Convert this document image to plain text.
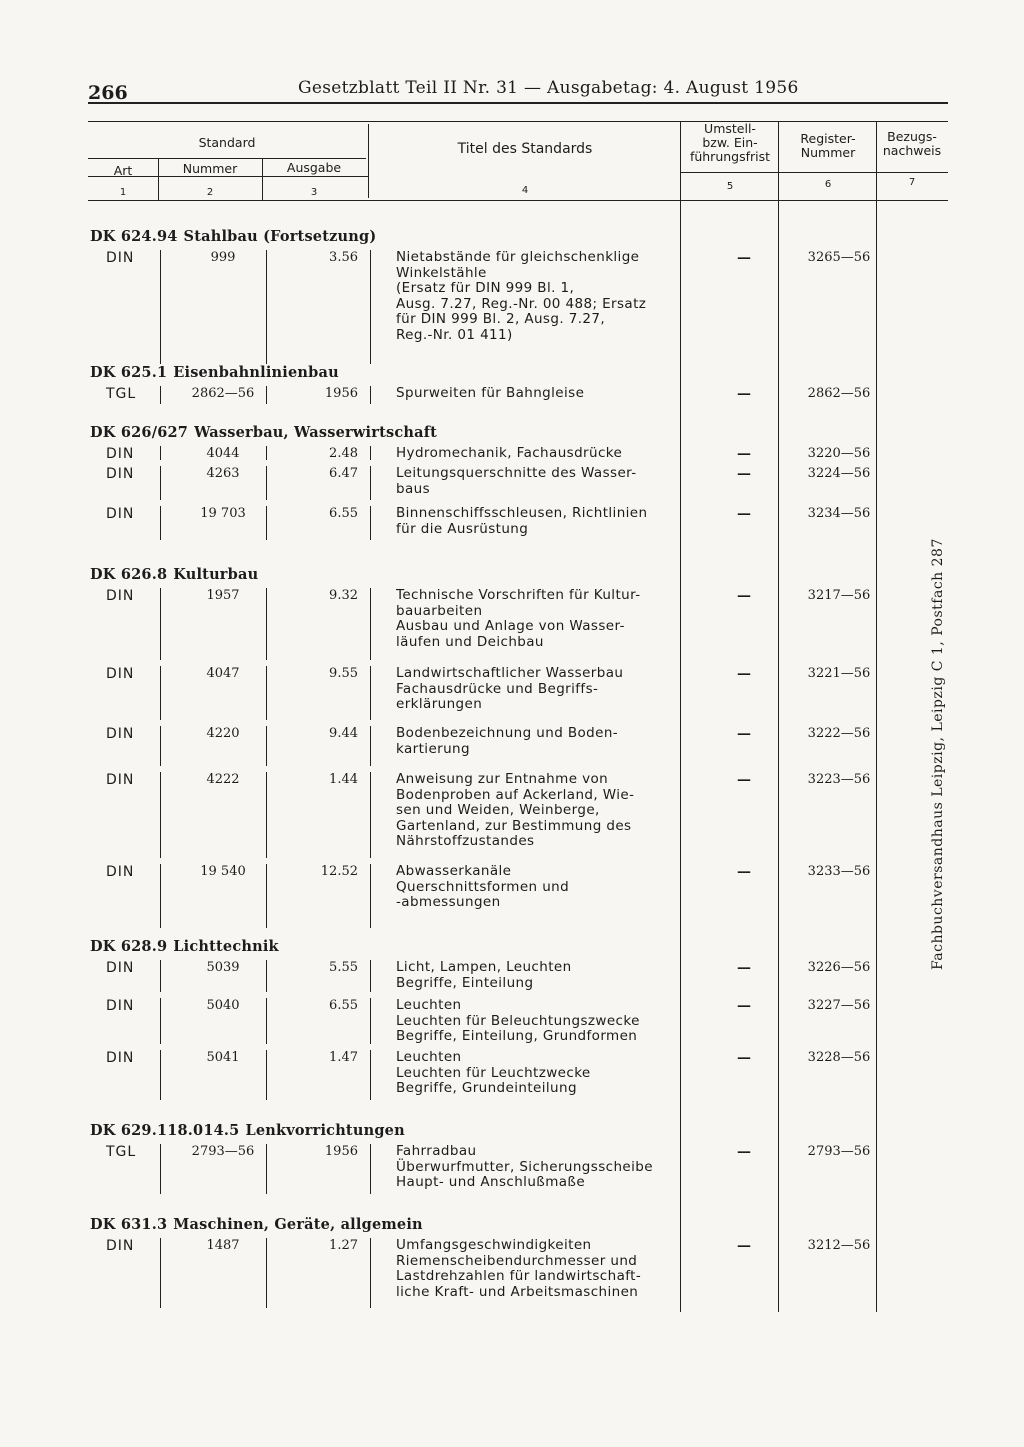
266	Gesetzblatt Teil II Nr. 31 — Ausgabetag: 4. August 1956
Standard
Art	Nummer	Ausgabe
Titel des Standards
Umstell-
bzw. Ein-
führungsfrist
Register-
Nummer
Bezugs-
nachweis
1	2	3	4	5	6	7
DK 624.94 Stahlbau (Fortsetzung)
DIN	999	3.56	Nietabstände für gleichschenklige
Winkelstähle
(Ersatz für DIN 999 Bl. 1,
Ausg. 7.27, Reg.-Nr. 00 488; Ersatz
für DIN 999 Bl. 2, Ausg. 7.27,
Reg.-Nr. 01 411)
—	3265—56
DK 625.1 Eisenbahnlinienbau
TGL	2862—56	1956	Spurweiten für Bahngleise	—	2862—56
DK 626/627 Wasserbau, Wasserwirtschaft
DIN	4044	2.48	Hydromechanik, Fachausdrücke	—	3220—56
DIN	4263	6.47	Leitungsquerschnitte des Wasser-
baus
—	3224—56
DIN	19 703	6.55	Binnenschiffsschleusen, Richtlinien
für die Ausrüstung
—	3234—56
DK 626.8 Kulturbau
DIN	1957	9.32	Technische Vorschriften für Kultur-
bauarbeiten
Ausbau und Anlage von Wasser-
läufen und Deichbau
—	3217—56
DIN	4047	9.55	Landwirtschaftlicher Wasserbau
Fachausdrücke und Begriffs-
erklärungen
—	3221—56
DIN	4220	9.44	Bodenbezeichnung und Boden-
kartierung
—	3222—56
DIN	4222	1.44	Anweisung zur Entnahme von
Bodenproben auf Ackerland, Wie-
sen und Weiden, Weinberge,
Gartenland, zur Bestimmung des
Nährstoffzustandes
—	3223—56
DIN	19 540	12.52	Abwasserkanäle
Querschnittsformen und
-abmessungen
—	3233—56
DK 628.9 Lichttechnik
DIN	5039	5.55	Licht, Lampen, Leuchten
Begriffe, Einteilung
—	3226—56
DIN	5040	6.55	Leuchten
Leuchten für Beleuchtungszwecke
Begriffe, Einteilung, Grundformen
—	3227—56
DIN	5041	1.47	Leuchten
Leuchten für Leuchtzwecke
Begriffe, Grundeinteilung
—	3228—56
DK 629.118.014.5 Lenkvorrichtungen
TGL	2793—56	1956	Fahrradbau
Überwurfmutter, Sicherungsscheibe
Haupt- und Anschlußmaße
—	2793—56
DK 631.3 Maschinen, Geräte, allgemein
DIN	1487	1.27	Umfangsgeschwindigkeiten
Riemenscheibendurchmesser und
Lastdrehzahlen für landwirtschaft-
liche Kraft- und Arbeitsmaschinen
—	3212—56
Fachbuchversandhaus Leipzig, Leipzig C 1, Postfach 287
